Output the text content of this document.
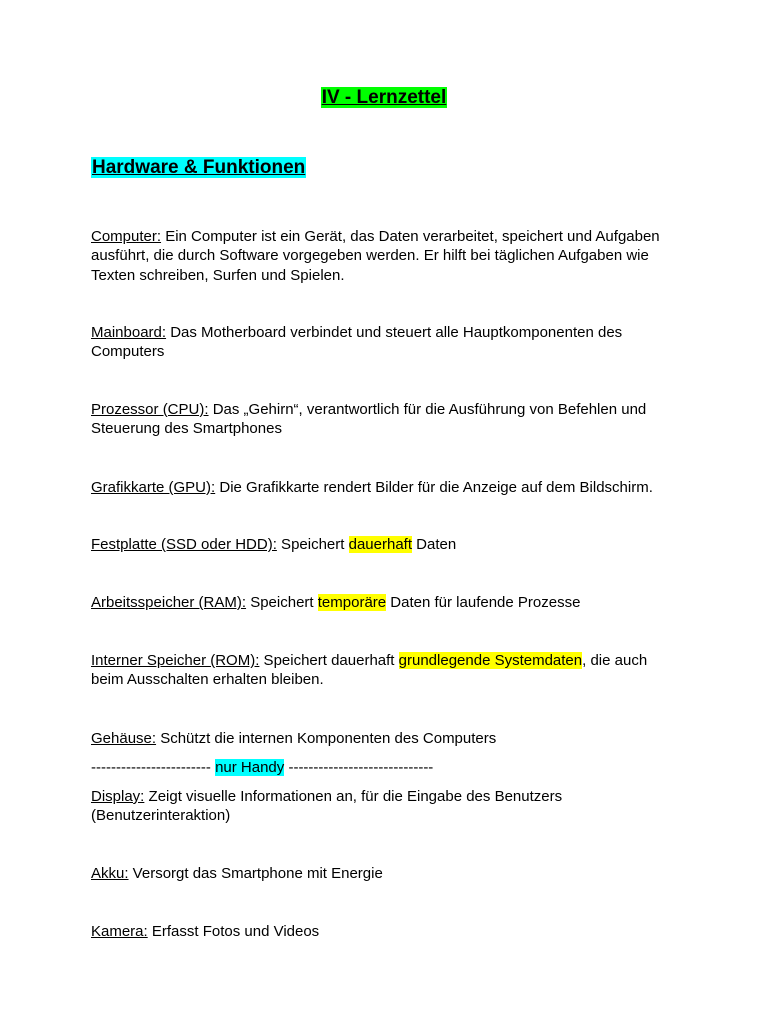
IV - Lernzettel
Hardware & Funktionen
Computer: Ein Computer ist ein Gerät, das Daten verarbeitet, speichert und Aufgaben ausführt, die durch Software vorgegeben werden. Er hilft bei täglichen Aufgaben wie Texten schreiben, Surfen und Spielen.
Mainboard: Das Motherboard verbindet und steuert alle Hauptkomponenten des Computers
Prozessor (CPU): Das „Gehirn“, verantwortlich für die Ausführung von Befehlen und Steuerung des Smartphones
Grafikkarte (GPU): Die Grafikkarte rendert Bilder für die Anzeige auf dem Bildschirm.
Festplatte (SSD oder HDD): Speichert dauerhaft Daten
Arbeitsspeicher (RAM): Speichert temporäre Daten für laufende Prozesse
Interner Speicher (ROM): Speichert dauerhaft grundlegende Systemdaten, die auch beim Ausschalten erhalten bleiben.
Gehäuse: Schützt die internen Komponenten des Computers
------------------------ nur Handy -----------------------------
Display: Zeigt visuelle Informationen an, für die Eingabe des Benutzers (Benutzerinteraktion)
Akku: Versorgt das Smartphone mit Energie
Kamera: Erfasst Fotos und Videos
